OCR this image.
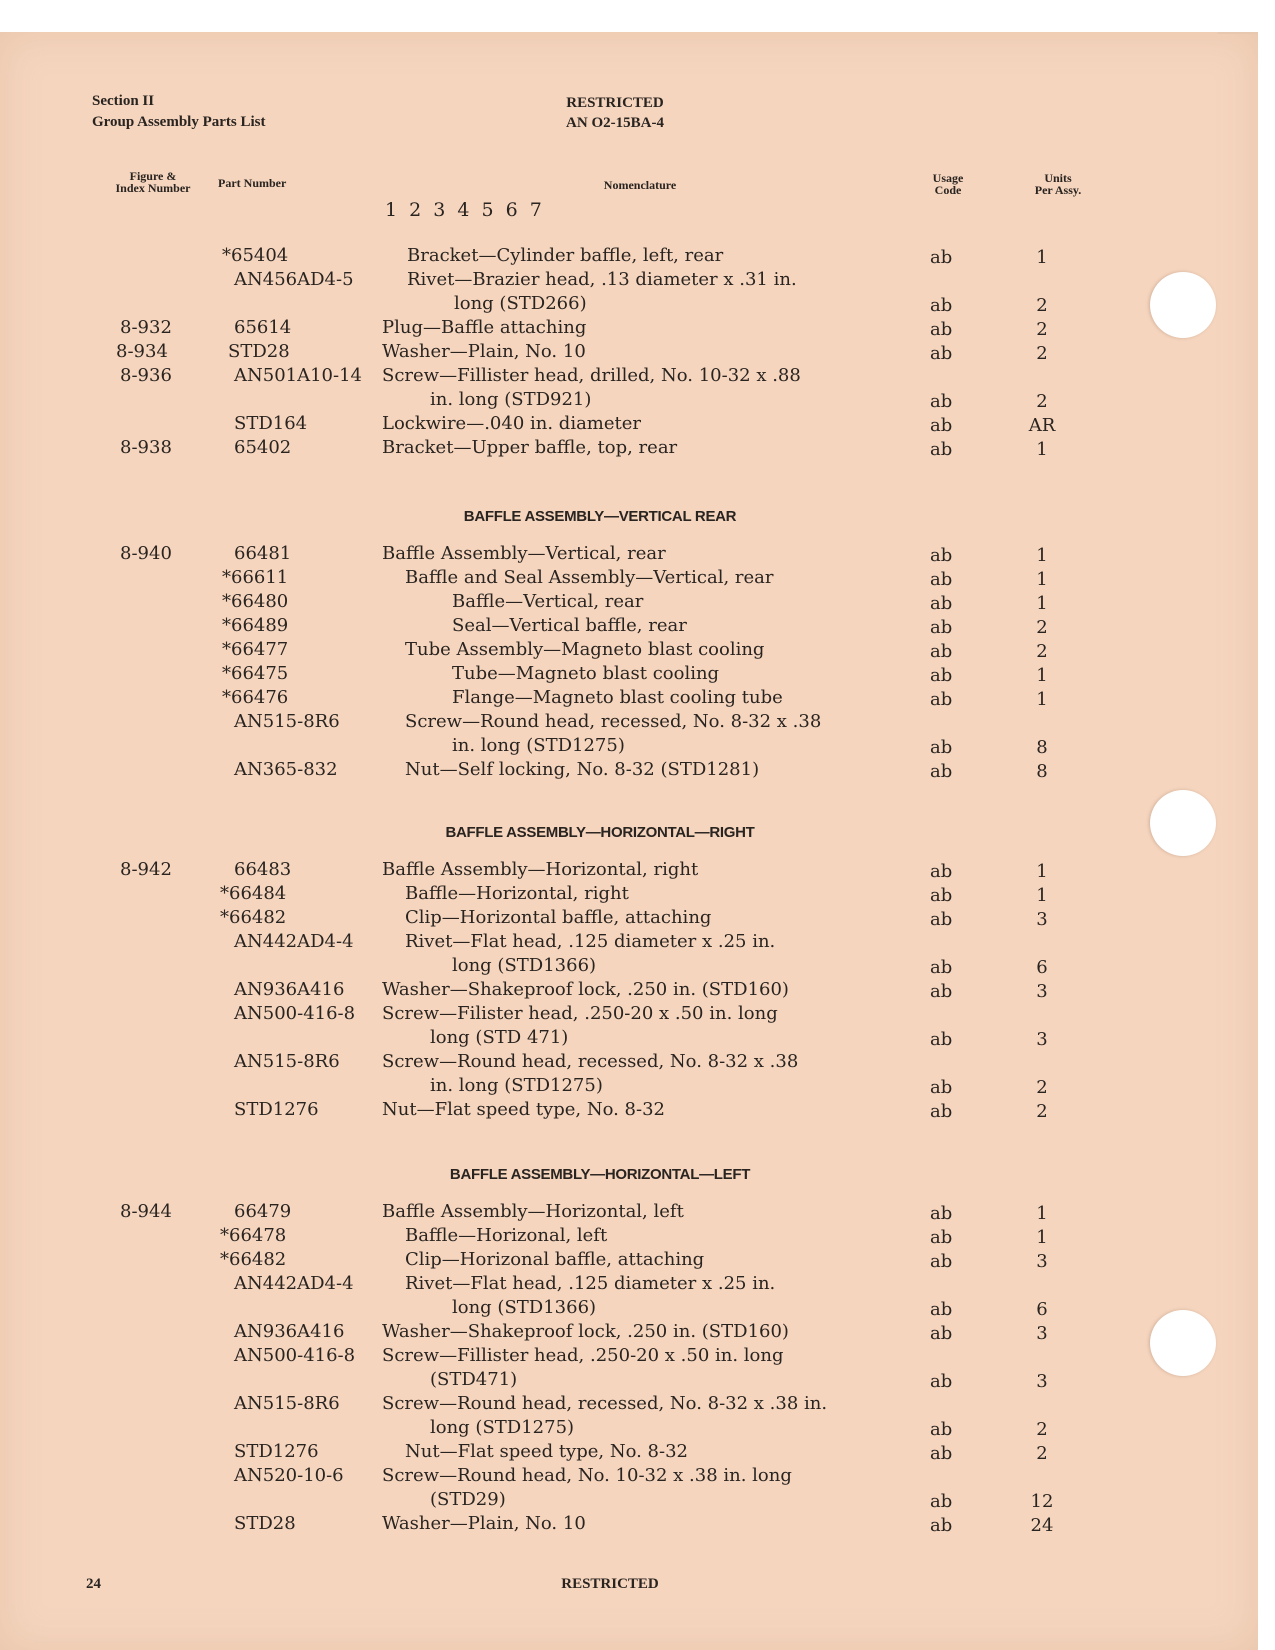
Section II
Group Assembly Parts List
RESTRICTED
AN O2-15BA-4
Figure &
Index Number	Part Number	Nomenclature	Usage
Code
Units
Per Assy.
1 2 3 4 5 6 7
*65404	Bracket—Cylinder baffle, left, rear	ab	1
AN456AD4-5	Rivet—Brazier head, .13 diameter x .31 in.
long (STD266)	ab	2
8-932	65614	Plug—Baffle attaching	ab	2
8-934	STD28	Washer—Plain, No. 10	ab	2
8-936	AN501A10-14 Screw—Fillister head, drilled, No. 10-32 x .88
in. long (STD921)	ab	2
STD164	Lockwire—.040 in. diameter	ab	AR
8-938	65402	Bracket—Upper baffle, top, rear	ab	1
BAFFLE ASSEMBLY—VERTICAL REAR
8-940	66481	Baffle Assembly—Vertical, rear	ab	1
*66611	Baffle and Seal Assembly—Vertical, rear	ab	1
*66480	Baffle—Vertical, rear	ab	1
*66489	Seal—Vertical baffle, rear	ab	2
*66477	Tube Assembly—Magneto blast cooling	ab	2
*66475	Tube—Magneto blast cooling	ab	1
*66476	Flange—Magneto blast cooling tube	ab	1
AN515-8R6	Screw—Round head, recessed, No. 8-32 x .38
in. long (STD1275)	ab	8
AN365-832	Nut—Self locking, No. 8-32 (STD1281)	ab	8
BAFFLE ASSEMBLY—HORIZONTAL—RIGHT
8-942	66483	Baffle Assembly—Horizontal, right	ab	1
*66484	Baffle—Horizontal, right	ab	1
*66482	Clip—Horizontal baffle, attaching	ab	3
AN442AD4-4	Rivet—Flat head, .125 diameter x .25 in.
long (STD1366)	ab	6
AN936A416 Washer—Shakeproof lock, .250 in. (STD160)	ab	3
AN500-416-8 Screw—Filister head, .250-20 x .50 in. long
long (STD 471)	ab	3
AN515-8R6 Screw—Round head, recessed, No. 8-32 x .38
in. long (STD1275)	ab	2
STD1276	Nut—Flat speed type, No. 8-32	ab	2
BAFFLE ASSEMBLY—HORIZONTAL—LEFT
8-944	66479	Baffle Assembly—Horizontal, left	ab	1
*66478	Baffle—Horizonal, left	ab	1
*66482	Clip—Horizonal baffle, attaching	ab	3
AN442AD4-4	Rivet—Flat head, .125 diameter x .25 in.
long (STD1366)	ab	6
AN936A416 Washer—Shakeproof lock, .250 in. (STD160)	ab	3
AN500-416-8 Screw—Fillister head, .250-20 x .50 in. long
(STD471)	ab	3
AN515-8R6 Screw—Round head, recessed, No. 8-32 x .38 in.
long (STD1275)	ab	2
STD1276	Nut—Flat speed type, No. 8-32	ab	2
AN520-10-6 Screw—Round head, No. 10-32 x .38 in. long
(STD29)	ab	12
STD28	Washer—Plain, No. 10	ab	24
24	RESTRICTED
